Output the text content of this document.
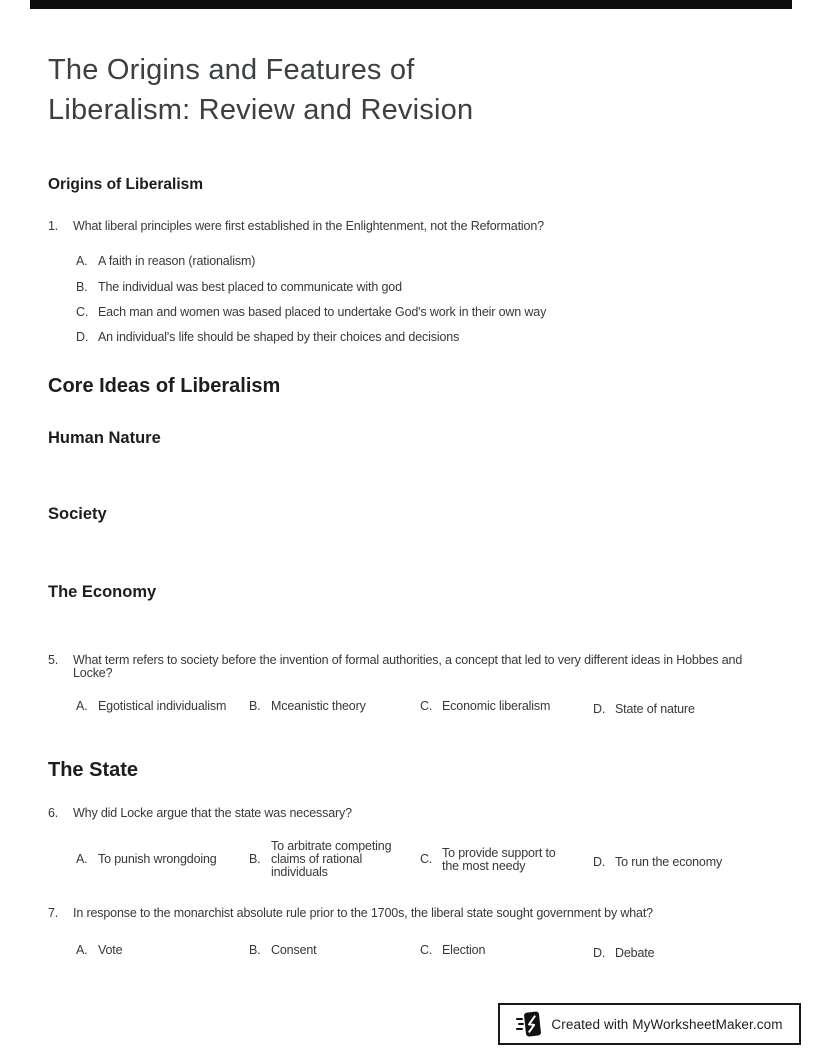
The Origins and Features of
Liberalism: Review and Revision
Origins of Liberalism
1. What liberal principles were first established in the Enlightenment, not the Reformation?
A. A faith in reason (rationalism)
B. The individual was best placed to communicate with god
C. Each man and women was based placed to undertake God's work in their own way
D. An individual's life should be shaped by their choices and decisions
Core Ideas of Liberalism
Human Nature
Society
The Economy
5. What term refers to society before the invention of formal authorities, a concept that led to very different ideas in Hobbes and Locke?
A. Egotistical individualism B. Mceanistic theory	C. Economic liberalism	D. State of nature
The State
6. Why did Locke argue that the state was necessary?
A. To punish wrongdoing	B.
To arbitrate competing claims of rational individuals
C. To provide support to the most needy	D. To run the economy
7. In response to the monarchist absolute rule prior to the 1700s, the liberal state sought government by what?
A. Vote	B. Consent	C. Election	D. Debate
Created with MyWorksheetMaker.com
